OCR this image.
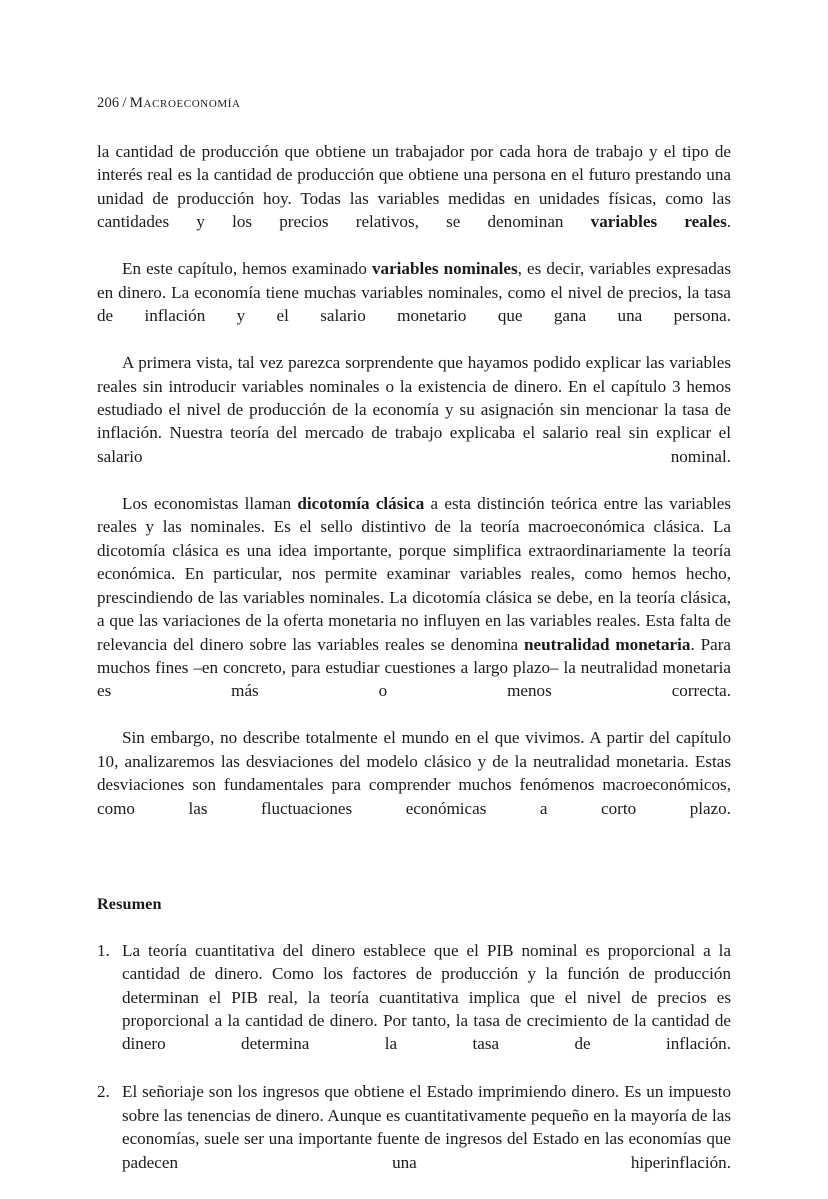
206 / Macroeconomía

la cantidad de producción que obtiene un trabajador por cada hora de trabajo y el tipo de interés real es la cantidad de producción que obtiene una persona en el futuro prestando una unidad de producción hoy. Todas las variables medidas en unidades físicas, como las cantidades y los precios relativos, se denominan variables reales.

En este capítulo, hemos examinado variables nominales, es decir, variables expresadas en dinero. La economía tiene muchas variables nominales, como el nivel de precios, la tasa de inflación y el salario monetario que gana una persona.

A primera vista, tal vez parezca sorprendente que hayamos podido explicar las variables reales sin introducir variables nominales o la existencia de dinero. En el capítulo 3 hemos estudiado el nivel de producción de la economía y su asignación sin mencionar la tasa de inflación. Nuestra teoría del mercado de trabajo explicaba el salario real sin explicar el salario nominal.

Los economistas llaman dicotomía clásica a esta distinción teórica entre las variables reales y las nominales. Es el sello distintivo de la teoría macroeconómica clásica. La dicotomía clásica es una idea importante, porque simplifica extraordinariamente la teoría económica. En particular, nos permite examinar variables reales, como hemos hecho, prescindiendo de las variables nominales. La dicotomía clásica se debe, en la teoría clásica, a que las variaciones de la oferta monetaria no influyen en las variables reales. Esta falta de relevancia del dinero sobre las variables reales se denomina neutralidad monetaria. Para muchos fines –en concreto, para estudiar cuestiones a largo plazo– la neutralidad monetaria es más o menos correcta.

Sin embargo, no describe totalmente el mundo en el que vivimos. A partir del capítulo 10, analizaremos las desviaciones del modelo clásico y de la neutralidad monetaria. Estas desviaciones son fundamentales para comprender muchos fenómenos macroeconómicos, como las fluctuaciones económicas a corto plazo.

Resumen
1. La teoría cuantitativa del dinero establece que el PIB nominal es proporcional a la cantidad de dinero. Como los factores de producción y la función de producción determinan el PIB real, la teoría cuantitativa implica que el nivel de precios es proporcional a la cantidad de dinero. Por tanto, la tasa de crecimiento de la cantidad de dinero determina la tasa de inflación.
2. El señoriaje son los ingresos que obtiene el Estado imprimiendo dinero. Es un impuesto sobre las tenencias de dinero. Aunque es cuantitativamente pequeño en la mayoría de las economías, suele ser una importante fuente de ingresos del Estado en las economías que padecen una hiperinflación.
